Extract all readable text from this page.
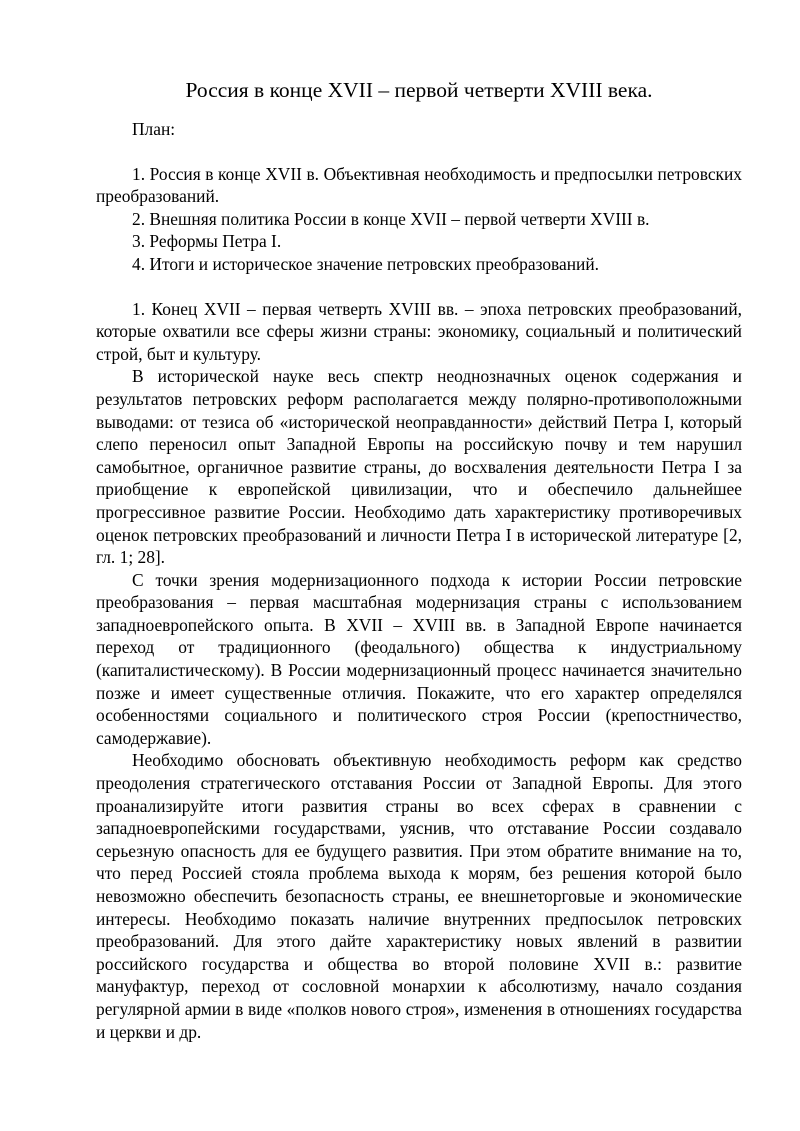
Россия в конце XVII – первой четверти XVIII века.

План:

1. Россия в конце XVII в. Объективная необходимость и предпосылки петровских преобразований.
2. Внешняя политика России в конце XVII – первой четверти XVIII в.
3. Реформы Петра I.
4. Итоги и историческое значение петровских преобразований.

1. Конец XVII – первая четверть XVIII вв. – эпоха петровских преобразований, которые охватили все сферы жизни страны: экономику, социальный и политический строй, быт и культуру.

В исторической науке весь спектр неоднозначных оценок содержания и результатов петровских реформ располагается между полярно-противоположными выводами: от тезиса об «исторической неоправданности» действий Петра I, который слепо переносил опыт Западной Европы на российскую почву и тем нарушил самобытное, органичное развитие страны, до восхваления деятельности Петра I за приобщение к европейской цивилизации, что и обеспечило дальнейшее прогрессивное развитие России. Необходимо дать характеристику противоречивых оценок петровских преобразований и личности Петра I в исторической литературе [2, гл. 1; 28].

С точки зрения модернизационного подхода к истории России петровские преобразования – первая масштабная модернизация страны с использованием западноевропейского опыта. В XVII – XVIII вв. в Западной Европе начинается переход от традиционного (феодального) общества к индустриальному (капиталистическому). В России модернизационный процесс начинается значительно позже и имеет существенные отличия. Покажите, что его характер определялся особенностями социального и политического строя России (крепостничество, самодержавие).

Необходимо обосновать объективную необходимость реформ как средство преодоления стратегического отставания России от Западной Европы. Для этого проанализируйте итоги развития страны во всех сферах в сравнении с западноевропейскими государствами, уяснив, что отставание России создавало серьезную опасность для ее будущего развития. При этом обратите внимание на то, что перед Россией стояла проблема выхода к морям, без решения которой было невозможно обеспечить безопасность страны, ее внешнеторговые и экономические интересы. Необходимо показать наличие внутренних предпосылок петровских преобразований. Для этого дайте характеристику новых явлений в развитии российского государства и общества во второй половине XVII в.: развитие мануфактур, переход от сословной монархии к абсолютизму, начало создания регулярной армии в виде «полков нового строя», изменения в отношениях государства и церкви и др.
